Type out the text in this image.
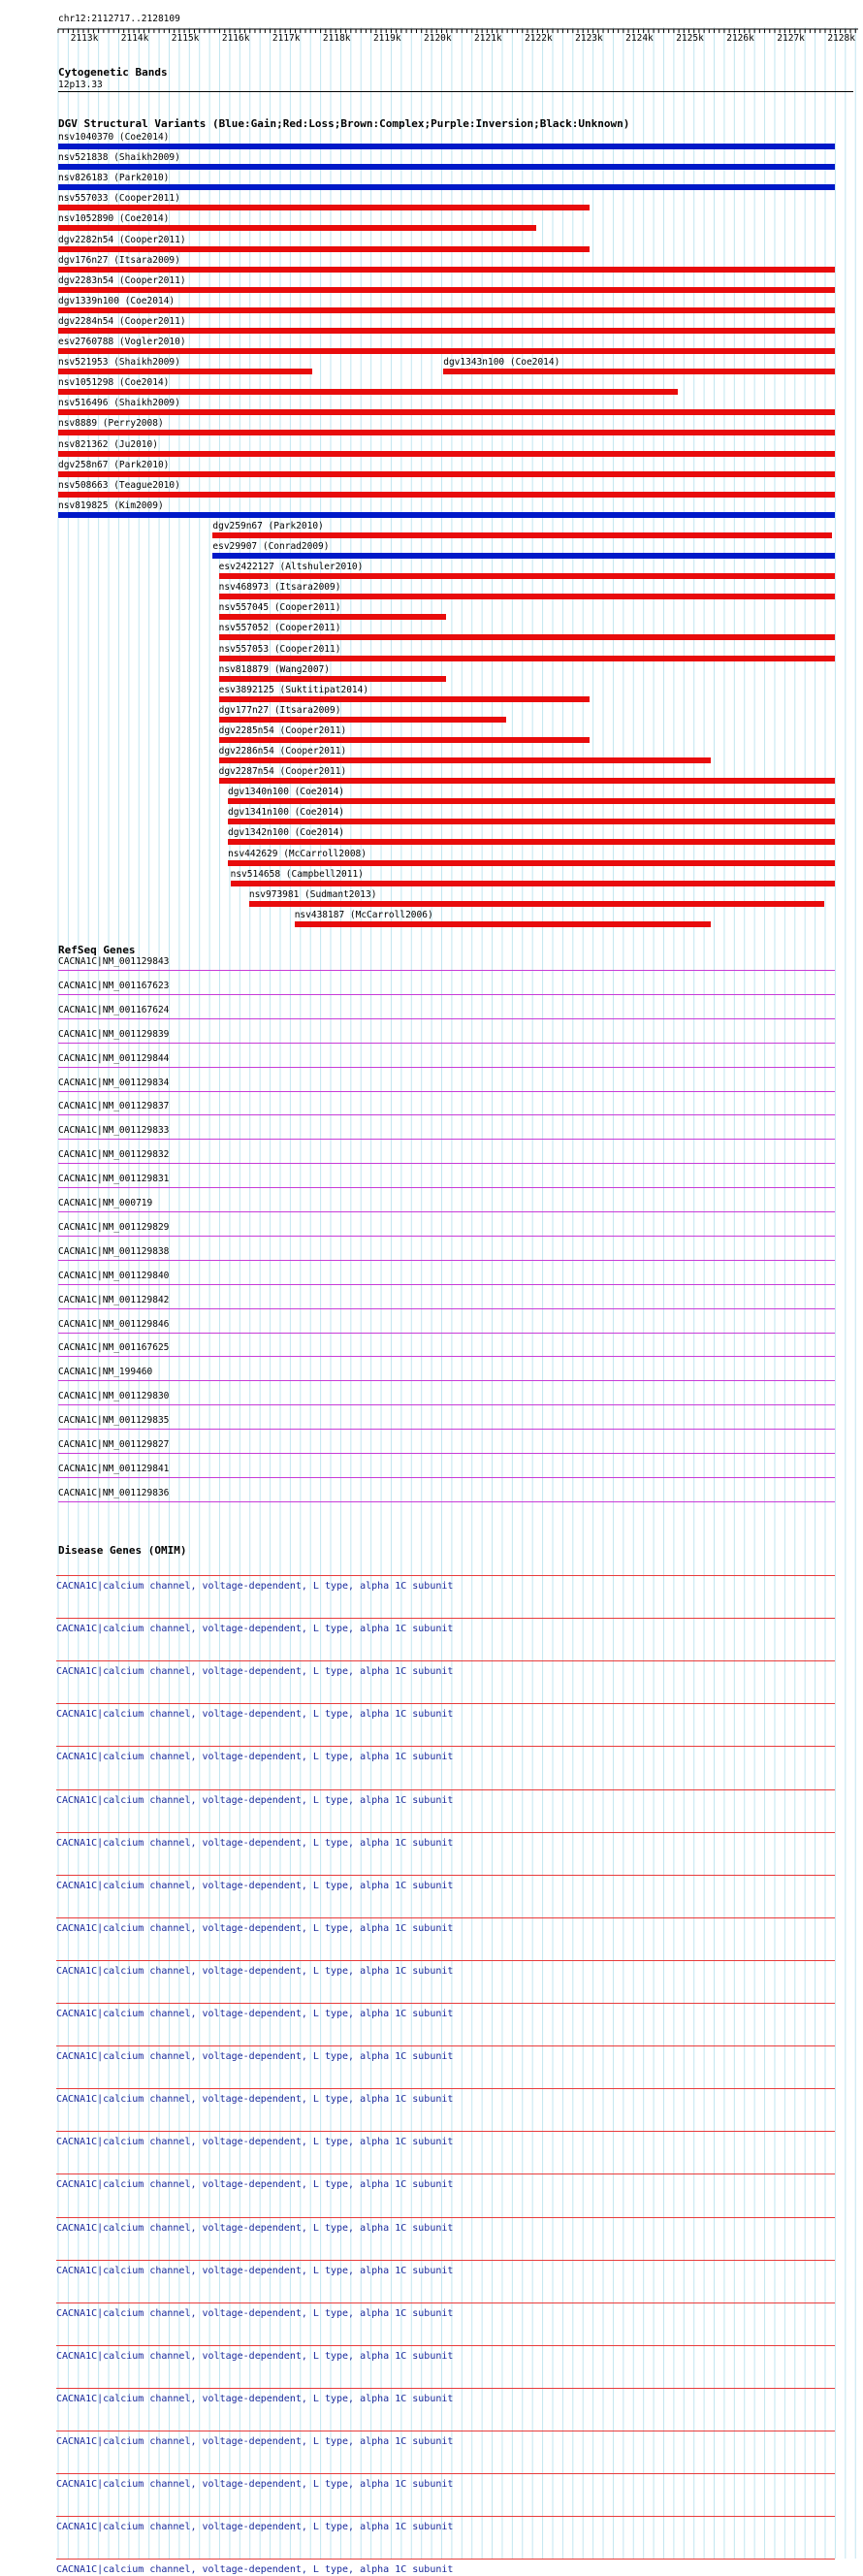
chr12:2112717..2128109
2113k 2114k 2115k 2116k 2117k 2118k 2119k 2120k 2121k 2122k 2123k 2124k 2125k 2126k 2127k 2128k
Cytogenetic Bands
12p13.33
DGV Structural Variants (Blue:Gain;Red:Loss;Brown:Complex;Purple:Inversion;Black:Unknown)
nsv1040370 (Coe2014)
nsv521838 (Shaikh2009)
nsv826183 (Park2010)
nsv557033 (Cooper2011)
nsv1052890 (Coe2014)
dgv2282n54 (Cooper2011)
dgv176n27 (Itsara2009)
dgv2283n54 (Cooper2011)
dgv1339n100 (Coe2014)
dgv2284n54 (Cooper2011)
esv2760788 (Vogler2010)
nsv521953 (Shaikh2009)	dgv1343n100 (Coe2014)
nsv1051298 (Coe2014)
nsv516496 (Shaikh2009)
nsv8889 (Perry2008)
nsv821362 (Ju2010)
dgv258n67 (Park2010)
nsv508663 (Teague2010)
nsv819825 (Kim2009)
dgv259n67 (Park2010)
esv29907 (Conrad2009)
esv2422127 (Altshuler2010)
nsv468973 (Itsara2009)
nsv557045 (Cooper2011)
nsv557052 (Cooper2011)
nsv557053 (Cooper2011)
nsv818879 (Wang2007)
esv3892125 (Suktitipat2014)
dgv177n27 (Itsara2009)
dgv2285n54 (Cooper2011)
dgv2286n54 (Cooper2011)
dgv2287n54 (Cooper2011)
dgv1340n100 (Coe2014)
dgv1341n100 (Coe2014)
dgv1342n100 (Coe2014)
nsv442629 (McCarroll2008)
nsv514658 (Campbell2011)
nsv973981 (Sudmant2013)
nsv438187 (McCarroll2006)
RefSeq Genes
CACNA1C|NM_001129843
CACNA1C|NM_001167623
CACNA1C|NM_001167624
CACNA1C|NM_001129839
CACNA1C|NM_001129844
CACNA1C|NM_001129834
CACNA1C|NM_001129837
CACNA1C|NM_001129833
CACNA1C|NM_001129832
CACNA1C|NM_001129831
CACNA1C|NM_000719
CACNA1C|NM_001129829
CACNA1C|NM_001129838
CACNA1C|NM_001129840
CACNA1C|NM_001129842
CACNA1C|NM_001129846
CACNA1C|NM_001167625
CACNA1C|NM_199460
CACNA1C|NM_001129830
CACNA1C|NM_001129835
CACNA1C|NM_001129827
CACNA1C|NM_001129841
CACNA1C|NM_001129836
Disease Genes (OMIM)
CACNA1C|calcium channel, voltage-dependent, L type, alpha 1C subunit
CACNA1C|calcium channel, voltage-dependent, L type, alpha 1C subunit
CACNA1C|calcium channel, voltage-dependent, L type, alpha 1C subunit
CACNA1C|calcium channel, voltage-dependent, L type, alpha 1C subunit
CACNA1C|calcium channel, voltage-dependent, L type, alpha 1C subunit
CACNA1C|calcium channel, voltage-dependent, L type, alpha 1C subunit
CACNA1C|calcium channel, voltage-dependent, L type, alpha 1C subunit
CACNA1C|calcium channel, voltage-dependent, L type, alpha 1C subunit
CACNA1C|calcium channel, voltage-dependent, L type, alpha 1C subunit
CACNA1C|calcium channel, voltage-dependent, L type, alpha 1C subunit
CACNA1C|calcium channel, voltage-dependent, L type, alpha 1C subunit
CACNA1C|calcium channel, voltage-dependent, L type, alpha 1C subunit
CACNA1C|calcium channel, voltage-dependent, L type, alpha 1C subunit
CACNA1C|calcium channel, voltage-dependent, L type, alpha 1C subunit
CACNA1C|calcium channel, voltage-dependent, L type, alpha 1C subunit
CACNA1C|calcium channel, voltage-dependent, L type, alpha 1C subunit
CACNA1C|calcium channel, voltage-dependent, L type, alpha 1C subunit
CACNA1C|calcium channel, voltage-dependent, L type, alpha 1C subunit
CACNA1C|calcium channel, voltage-dependent, L type, alpha 1C subunit
CACNA1C|calcium channel, voltage-dependent, L type, alpha 1C subunit
CACNA1C|calcium channel, voltage-dependent, L type, alpha 1C subunit
CACNA1C|calcium channel, voltage-dependent, L type, alpha 1C subunit
CACNA1C|calcium channel, voltage-dependent, L type, alpha 1C subunit
CACNA1C|calcium channel, voltage-dependent, L type, alpha 1C subunit
